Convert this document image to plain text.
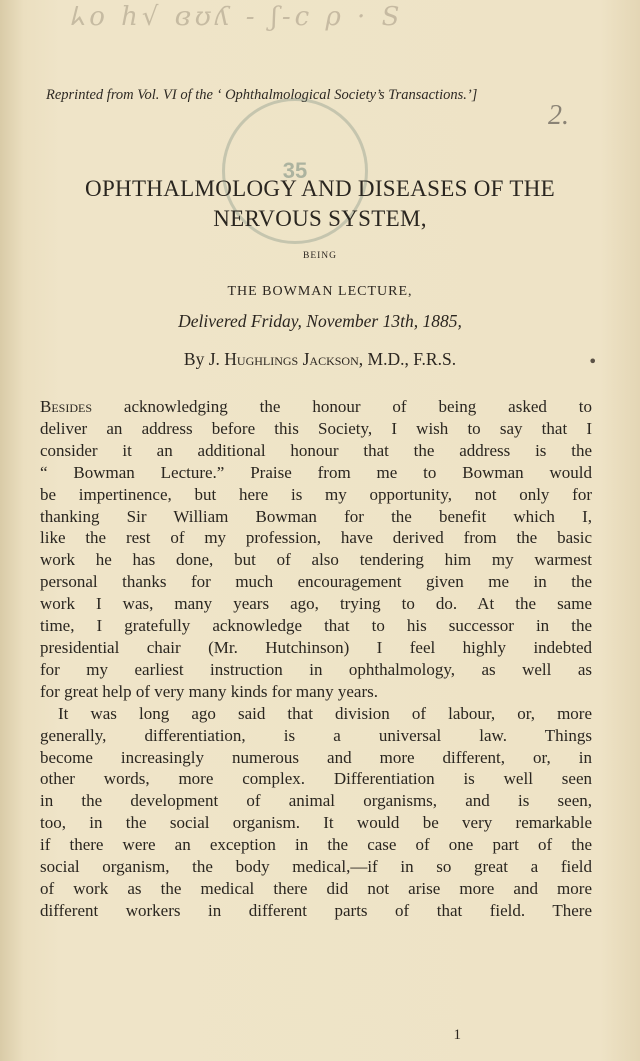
ᖾo h√ ɞʊʎ - ʃ-c ρ · S
Reprinted from Vol. VI of the ‘ Ophthalmological Society’s Transactions.’]
2.
35
OPHTHALMOLOGY AND DISEASES OF THE
NERVOUS SYSTEM,
BEING
THE BOWMAN LECTURE,
Delivered Friday, November 13th, 1885,
By J. Hughlings Jackson, M.D., F.R.S.	•

Besides acknowledging the honour of being asked to
deliver an address before this Society, I wish to say that I
consider it an additional honour that the address is the
“ Bowman Lecture.” Praise from me to Bowman would
be impertinence, but here is my opportunity, not only for
thanking Sir William Bowman for the benefit which I,
like the rest of my profession, have derived from the basic
work he has done, but of also tendering him my warmest
personal thanks for much encouragement given me in the
work I was, many years ago, trying to do. At the same
time, I gratefully acknowledge that to his successor in the
presidential chair (Mr. Hutchinson) I feel highly indebted
for my earliest instruction in ophthalmology, as well as
for great help of very many kinds for many years.

It was long ago said that division of labour, or, more
generally, differentiation, is a universal law. Things
become increasingly numerous and more different, or, in
other words, more complex. Differentiation is well seen
in the development of animal organisms, and is seen,
too, in the social organism. It would be very remarkable
if there were an exception in the case of one part of the
social organism, the body medical,—if in so great a field
of work as the medical there did not arise more and more
different workers in different parts of that field. There

1
